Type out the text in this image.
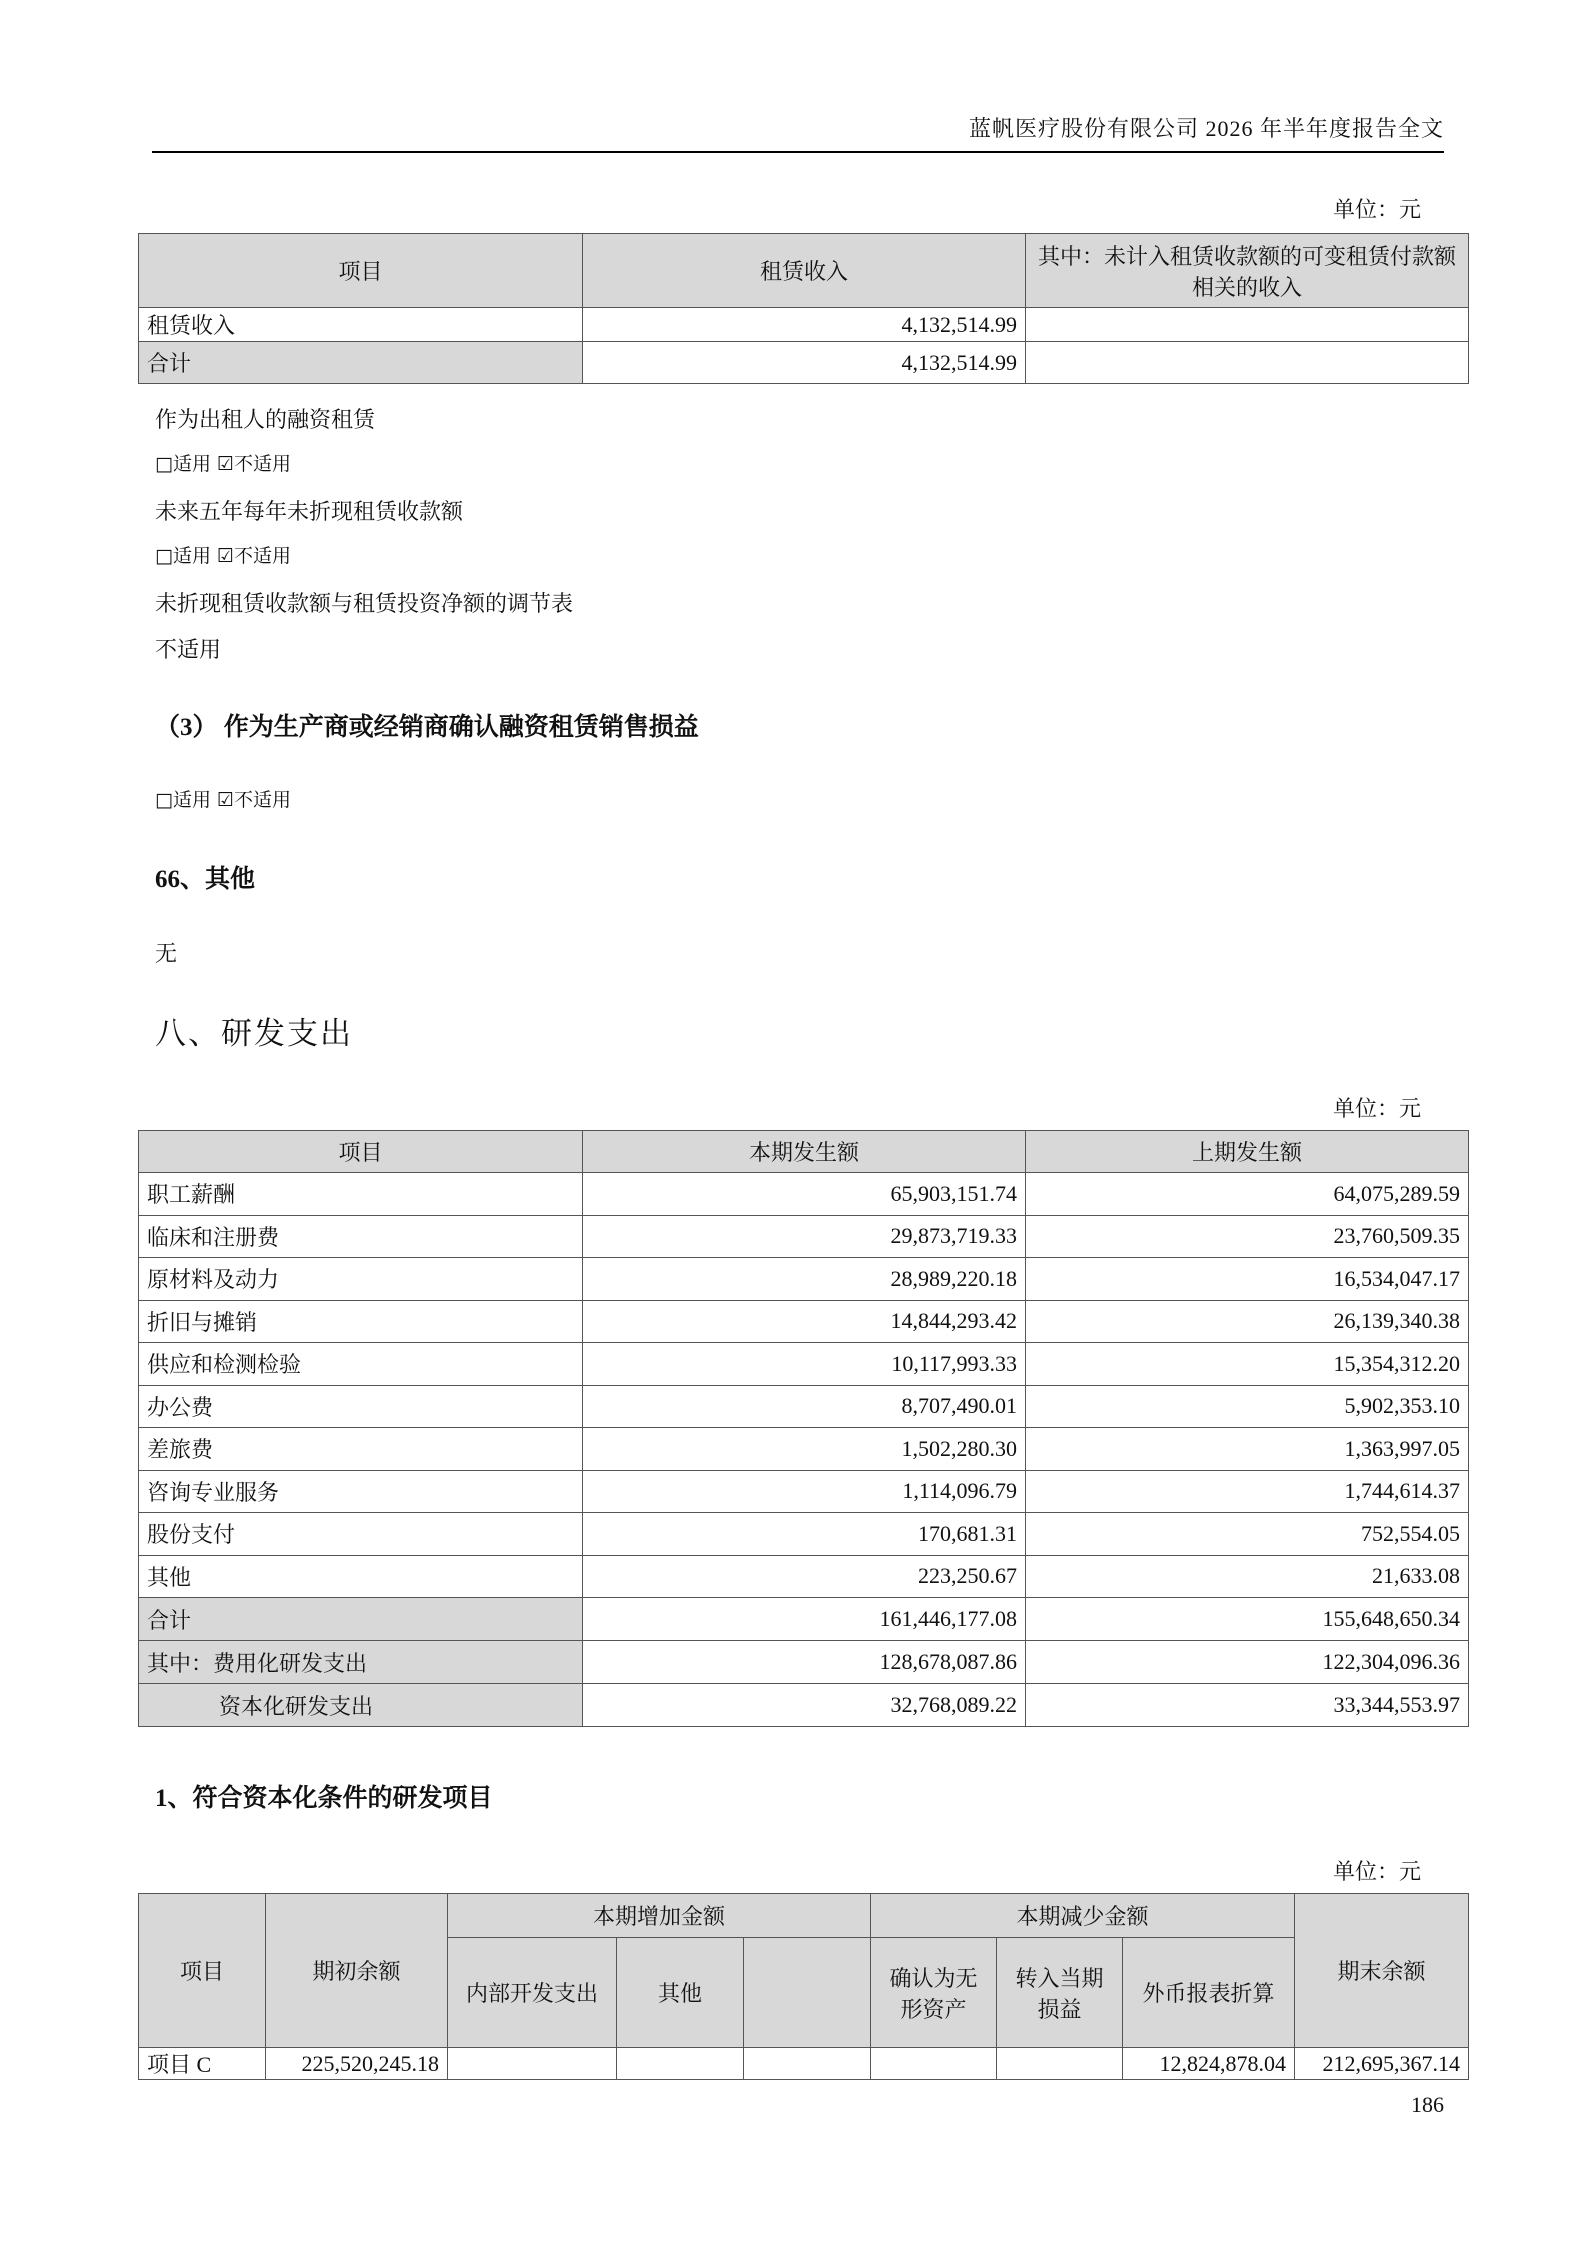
蓝帆医疗股份有限公司 2026 年半年度报告全文
单位：元
项目	租赁收入	其中：未计入租赁收款额的可变租赁付款额相关的收入
租赁收入	4,132,514.99	
合计	4,132,514.99	
作为出租人的融资租赁
□适用 ☑不适用
未来五年每年未折现租赁收款额
□适用 ☑不适用
未折现租赁收款额与租赁投资净额的调节表
不适用
（3） 作为生产商或经销商确认融资租赁销售损益
□适用 ☑不适用
66、其他
无
八、研发支出
单位：元
项目	本期发生额	上期发生额
职工薪酬	65,903,151.74	64,075,289.59
临床和注册费	29,873,719.33	23,760,509.35
原材料及动力	28,989,220.18	16,534,047.17
折旧与摊销	14,844,293.42	26,139,340.38
供应和检测检验	10,117,993.33	15,354,312.20
办公费	8,707,490.01	5,902,353.10
差旅费	1,502,280.30	1,363,997.05
咨询专业服务	1,114,096.79	1,744,614.37
股份支付	170,681.31	752,554.05
其他	223,250.67	21,633.08
合计	161,446,177.08	155,648,650.34
其中：费用化研发支出	128,678,087.86	122,304,096.36
资本化研发支出	32,768,089.22	33,344,553.97
1、符合资本化条件的研发项目
单位：元
项目	期初余额	本期增加金额			本期减少金额			期末余额
		内部开发支出	其他		确认为无形资产	转入当期损益	外币报表折算	
项目 C	225,520,245.18						12,824,878.04	212,695,367.14
186
